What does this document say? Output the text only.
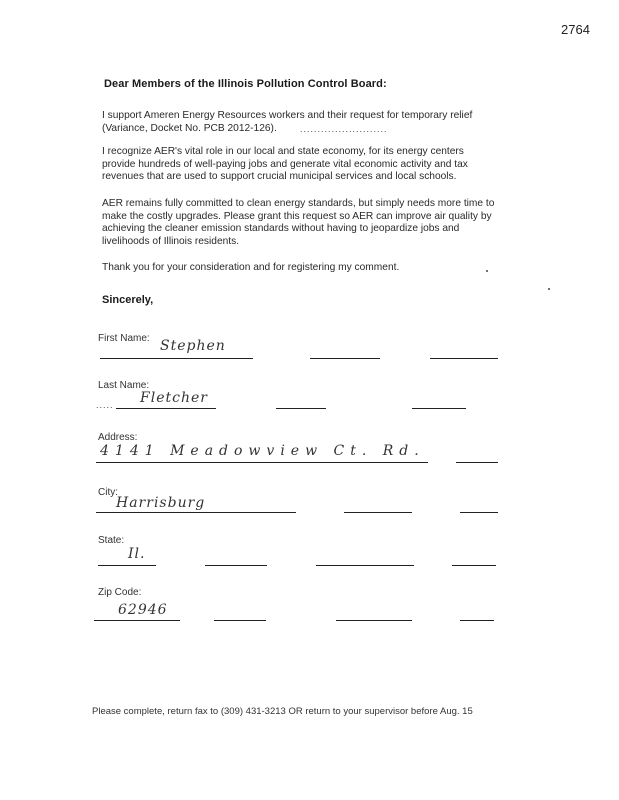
2764
Dear Members of the Illinois Pollution Control Board:
I support Ameren Energy Resources workers and their request for temporary relief
(Variance, Docket No. PCB 2012-126).	.........................
I recognize AER's vital role in our local and state economy, for its energy centers
provide hundreds of well-paying jobs and generate vital economic activity and tax
revenues that are used to support crucial municipal services and local schools.
AER remains fully committed to clean energy standards, but simply needs more time to
make the costly upgrades. Please grant this request so AER can improve air quality by
achieving the cleaner emission standards without having to jeopardize jobs and
livelihoods of Illinois residents.
Thank you for your consideration and for registering my comment.
Sincerely,
First Name: Stephen
Last Name:
..... Fletcher
Address:
4141 Meadowview Ct. Rd.
City:
Harrisburg
State:
Il.
Zip Code:
62946
Please complete, return fax to (309) 431-3213 OR return to your supervisor before Aug. 15
